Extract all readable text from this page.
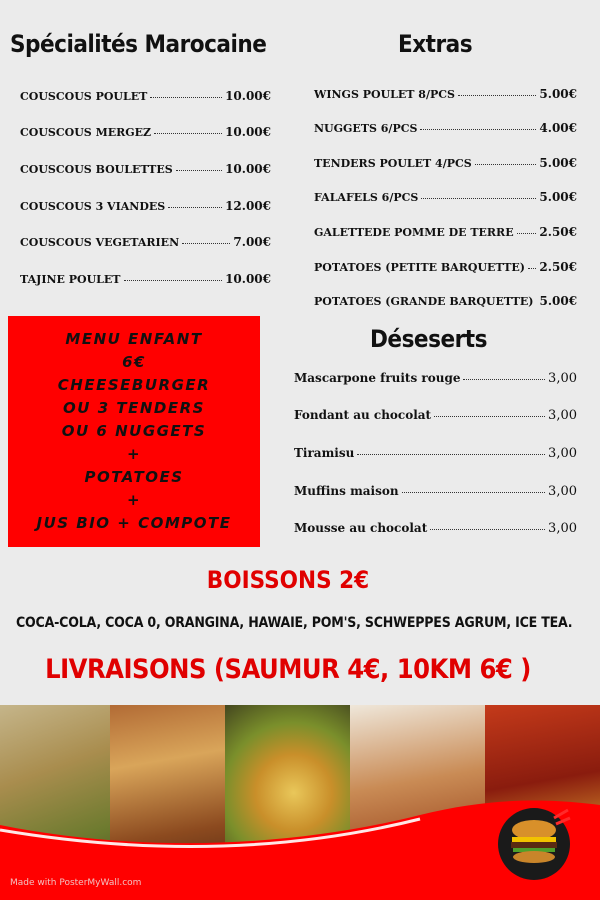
Spécialités Marocaine
COUSCOUS POULET	10.00€
COUSCOUS MERGEZ	10.00€
COUSCOUS BOULETTES	10.00€
COUSCOUS 3 VIANDES	12.00€
COUSCOUS VEGETARIEN	7.00€
TAJINE POULET	10.00€
Extras
WINGS POULET 8/PCS	5.00€
NUGGETS 6/PCS	4.00€
TENDERS POULET 4/PCS	5.00€
FALAFELS 6/PCS	5.00€
GALETTEDE POMME DE TERRE 2.50€
POTATOES (PETITE BARQUETTE) 2.50€
POTATOES (GRANDE BARQUETTE) 5.00€
Déseserts
Mascarpone fruits rouge	3,00
Fondant au chocolat	3,00
Tiramisu	3,00
Muffins maison	3,00
Mousse au chocolat	3,00
MENU ENFANT
6€
CHEESEBURGER
OU 3 TENDERS
OU 6 NUGGETS
+
POTATOES
+
JUS BIO + COMPOTE
BOISSONS 2€
COCA-COLA, COCA 0, ORANGINA, HAWAIE, POM'S, SCHWEPPES AGRUM, ICE TEA.
LIVRAISONS (SAUMUR 4€, 10KM 6€ )
Made with PosterMyWall.com
